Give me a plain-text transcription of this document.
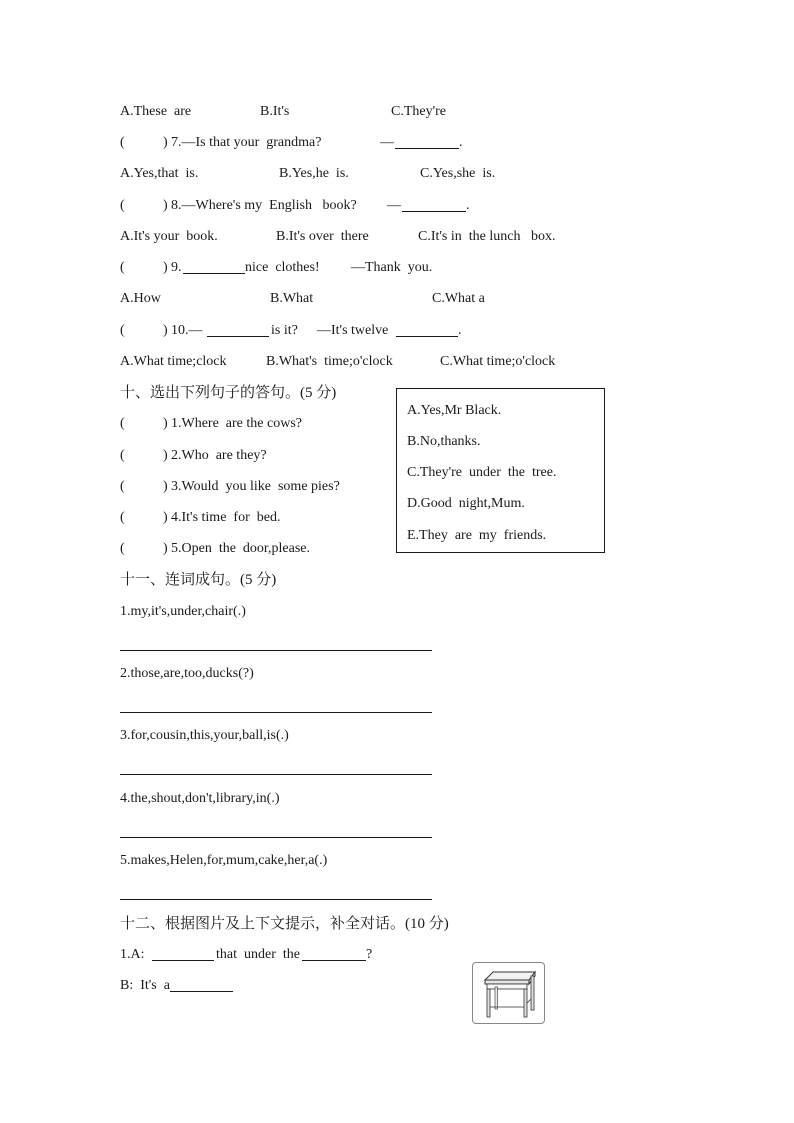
A.These  are	B.It's	C.They're
(	) 7.—Is that your  grandma?	—	.
A.Yes,that  is.	B.Yes,he  is.	C.Yes,she  is.
(	) 8.—Where's my  English   book? —	.
A.It's your  book.	B.It's over  there	C.It's in  the lunch   box.
(	) 9.	nice  clothes! —Thank  you.
A.How	B.What	C.What a
(	) 10.—	is it? —It's twelve	.
A.What time;clock	B.What's  time;o'clock	C.What time;o'clock
十、选出下列句子的答句。(5 分)
(	) 1.Where  are the cows?
(	) 2.Who  are they?
(	) 3.Would  you like  some pies?
(	) 4.It's time  for  bed.
(	) 5.Open  the  door,please.
A.Yes,Mr Black.
B.No,thanks.
C.They're  under  the  tree.
D.Good  night,Mum.
E.They  are  my  friends.
十一、连词成句。(5 分)
1.my,it's,under,chair(.)
2.those,are,too,ducks(?)
3.for,cousin,this,your,ball,is(.)
4.the,shout,don't,library,in(.)
5.makes,Helen,for,mum,cake,her,a(.)
十二、根据图片及上下文提示，补全对话。(10 分)
1.A:	that  under  the	?
B:  It's  a
